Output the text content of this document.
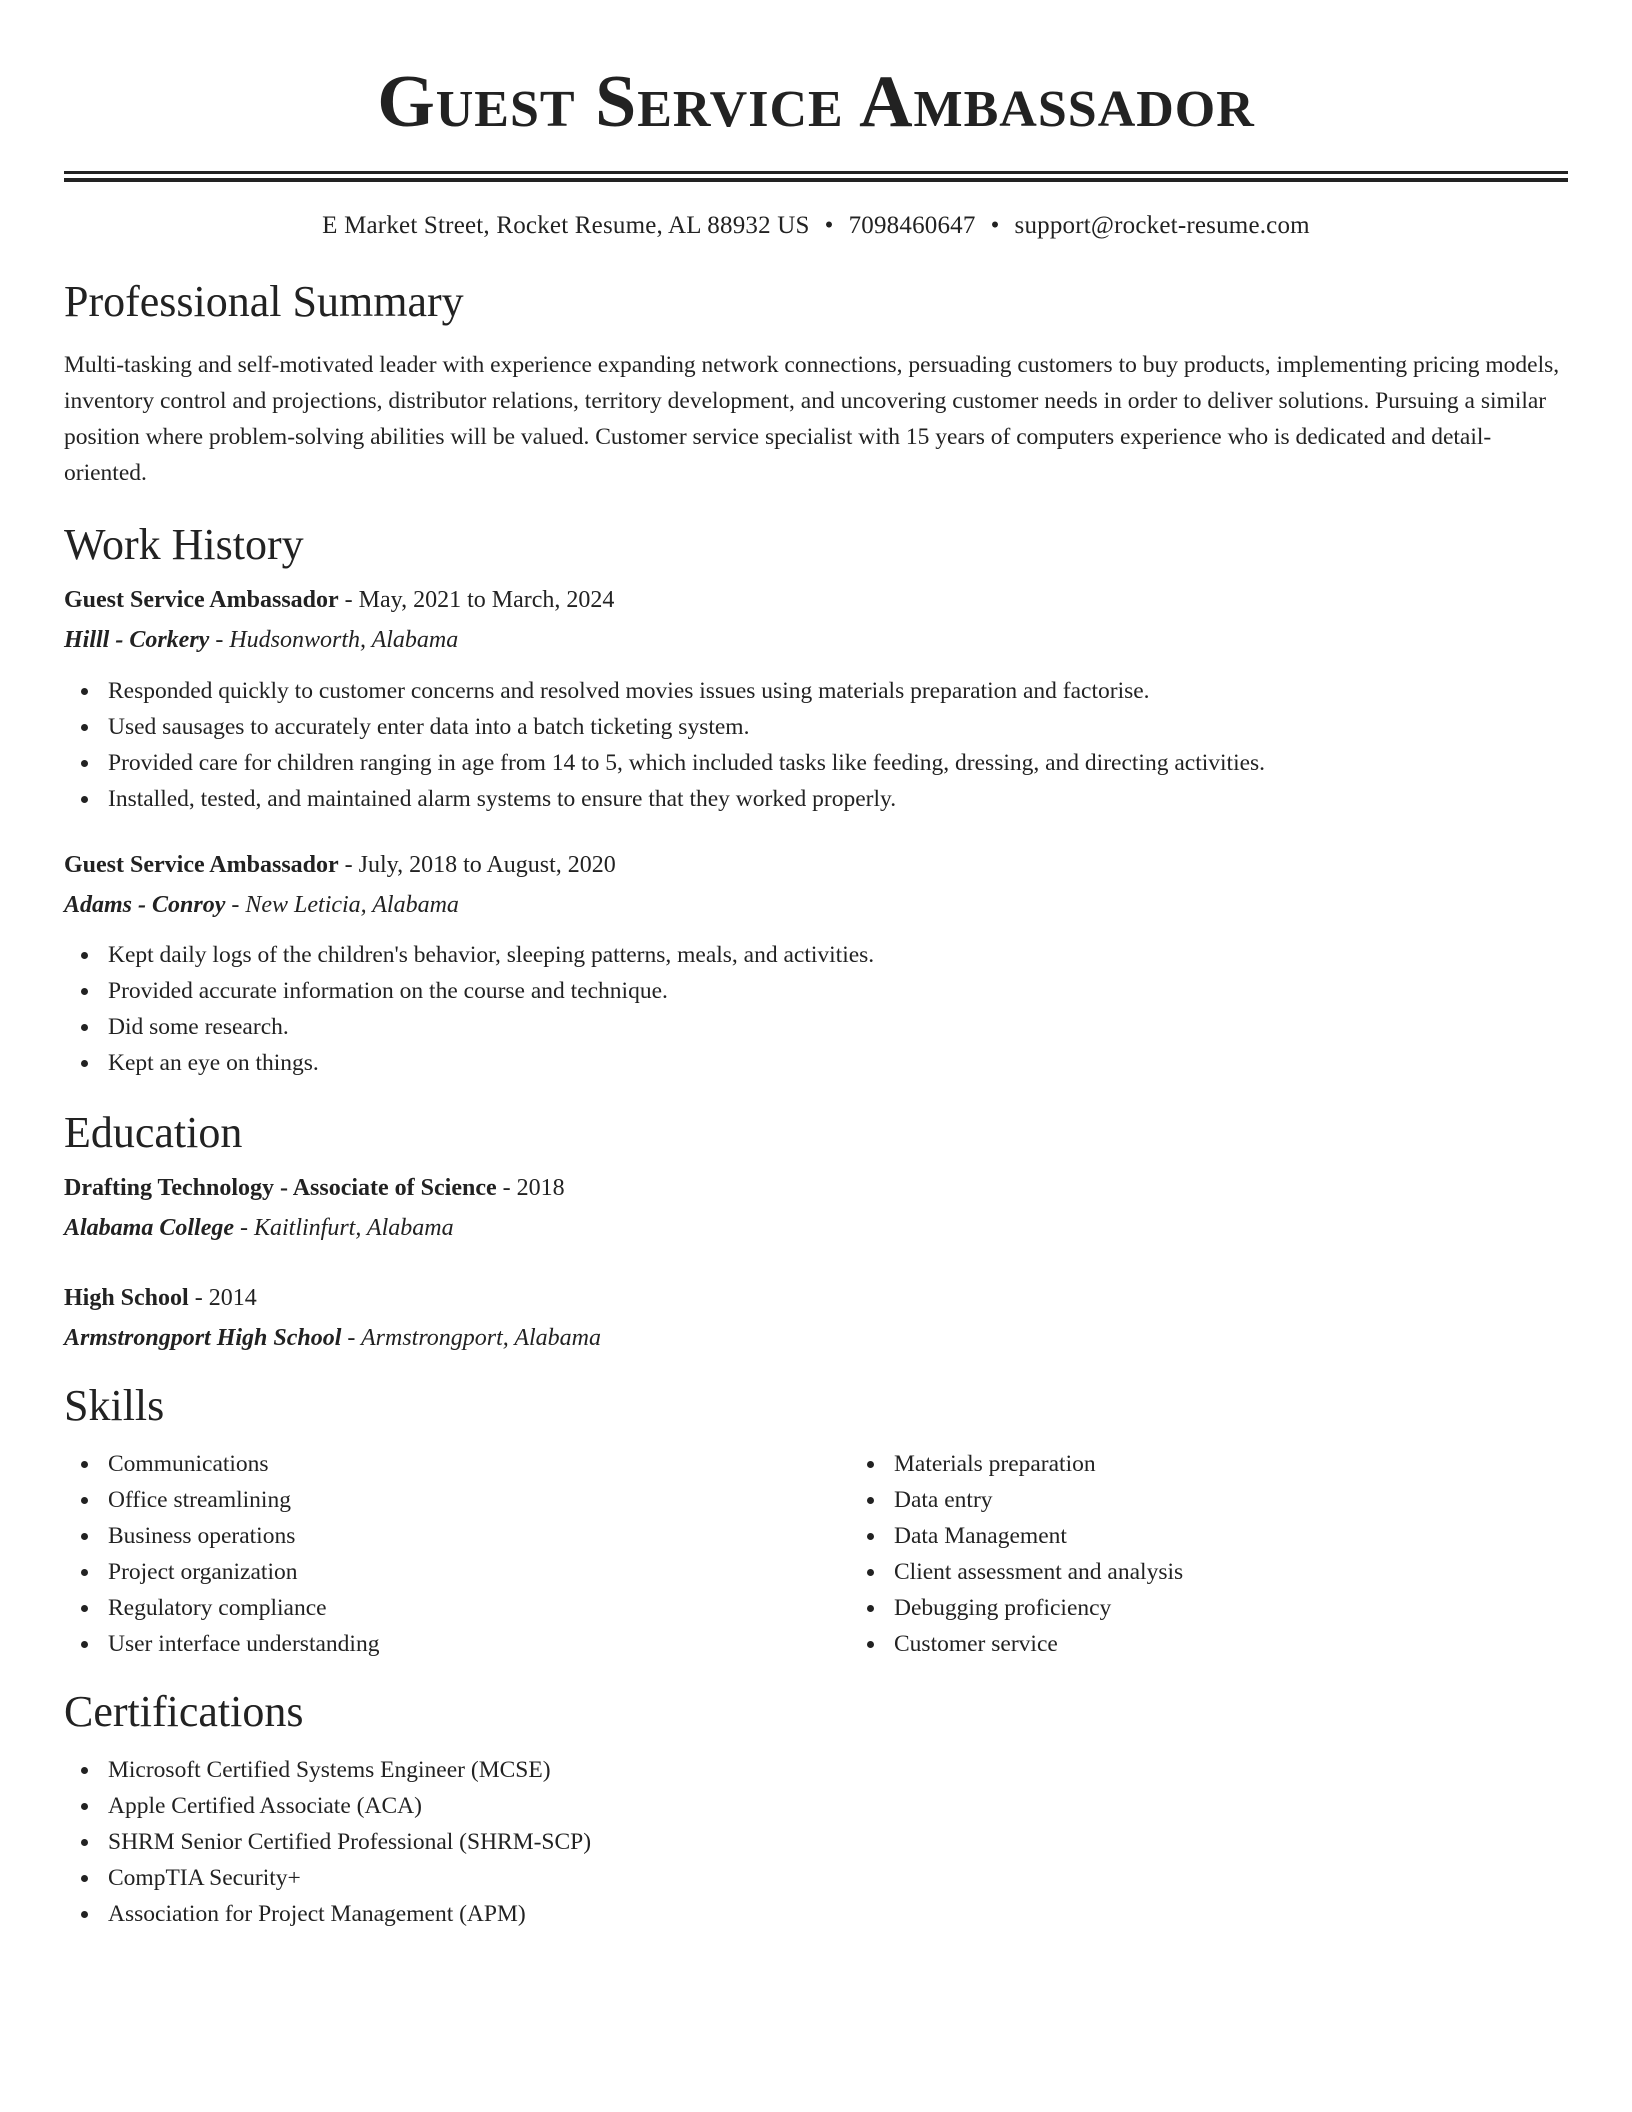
Guest Service Ambassador
E Market Street, Rocket Resume, AL 88932 US • 7098460647 • support@rocket-resume.com
Professional Summary

Multi-tasking and self-motivated leader with experience expanding network connections, persuading customers to buy products, implementing pricing models, inventory control and projections, distributor relations, territory development, and uncovering customer needs in order to deliver solutions. Pursuing a similar position where problem-solving abilities will be valued. Customer service specialist with 15 years of computers experience who is dedicated and detail-oriented.

Work History
Guest Service Ambassador - May, 2021 to March, 2024
Hilll - Corkery - Hudsonworth, Alabama
Responded quickly to customer concerns and resolved movies issues using materials preparation and factorise.
Used sausages to accurately enter data into a batch ticketing system.
Provided care for children ranging in age from 14 to 5, which included tasks like feeding, dressing, and directing activities.
Installed, tested, and maintained alarm systems to ensure that they worked properly.
Guest Service Ambassador - July, 2018 to August, 2020
Adams - Conroy - New Leticia, Alabama
Kept daily logs of the children's behavior, sleeping patterns, meals, and activities.
Provided accurate information on the course and technique.
Did some research.
Kept an eye on things.
Education
Drafting Technology - Associate of Science - 2018
Alabama College - Kaitlinfurt, Alabama
High School - 2014
Armstrongport High School - Armstrongport, Alabama
Skills
Communications
Office streamlining
Business operations
Project organization
Regulatory compliance
User interface understanding
Materials preparation
Data entry
Data Management
Client assessment and analysis
Debugging proficiency
Customer service
Certifications
Microsoft Certified Systems Engineer (MCSE)
Apple Certified Associate (ACA)
SHRM Senior Certified Professional (SHRM-SCP)
CompTIA Security+
Association for Project Management (APM)
